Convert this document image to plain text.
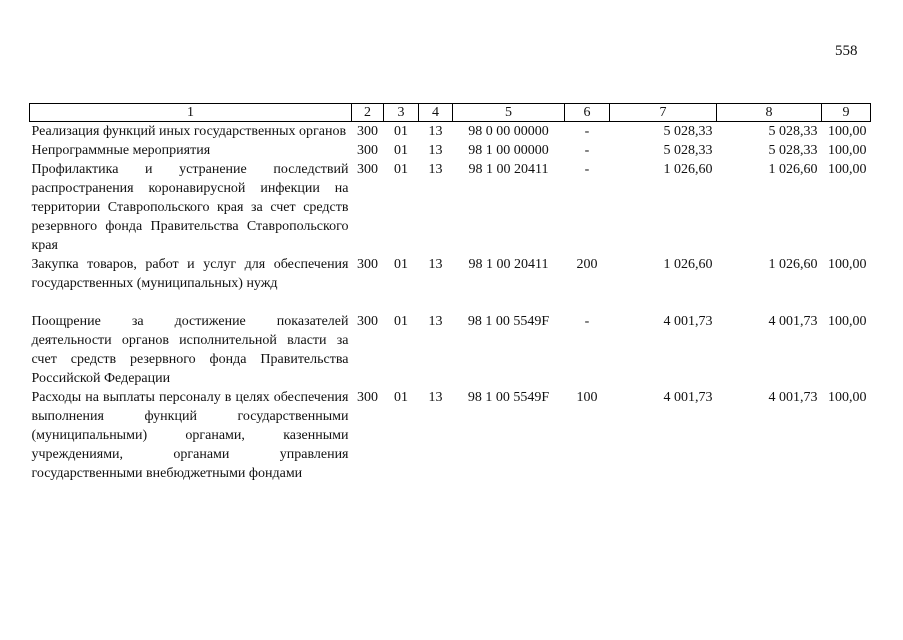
558
1	2	3	4	5	6	7	8	9
Реализация функций иных государственных органов	300	01	13	98 0 00 00000	-	5 028,33	5 028,33	100,00
Непрограммные мероприятия	300	01	13	98 1 00 00000	-	5 028,33	5 028,33	100,00
Профилактика и устранение последствий распространения коронавирусной инфекции на территории Ставропольского края за счет средств резервного фонда Правительства Ставропольского края	300	01	13	98 1 00 20411	-	1 026,60	1 026,60	100,00
Закупка товаров, работ и услуг для обеспечения государственных (муниципальных) нужд	300	01	13	98 1 00 20411	200	1 026,60	1 026,60	100,00
Поощрение за достижение показателей деятельности органов исполнительной власти за счет средств резервного фонда Правительства Российской Федерации	300	01	13	98 1 00 5549F	-	4 001,73	4 001,73	100,00
Расходы на выплаты персоналу в целях обеспечения выполнения функций государственными (муниципальными) органами, казенными учреждениями, органами управления государственными внебюджетными фондами	300	01	13	98 1 00 5549F	100	4 001,73	4 001,73	100,00
